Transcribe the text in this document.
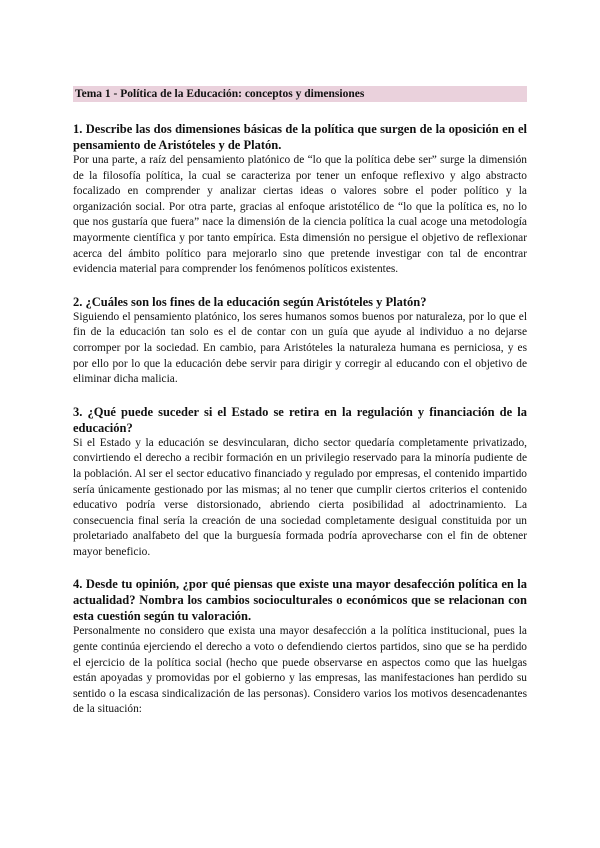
Tema 1 - Política de la Educación: conceptos y dimensiones

1. Describe las dos dimensiones básicas de la política que surgen de la oposición en el pensamiento de Aristóteles y de Platón.

Por una parte, a raíz del pensamiento platónico de “lo que la política debe ser” surge la dimensión de la filosofía política, la cual se caracteriza por tener un enfoque reflexivo y algo abstracto focalizado en comprender y analizar ciertas ideas o valores sobre el poder político y la organización social. Por otra parte, gracias al enfoque aristotélico de “lo que la política es, no lo que nos gustaría que fuera” nace la dimensión de la ciencia política la cual acoge una metodología mayormente científica y por tanto empírica. Esta dimensión no persigue el objetivo de reflexionar acerca del ámbito político para mejorarlo sino que pretende investigar con tal de encontrar evidencia material para comprender los fenómenos políticos existentes.

2. ¿Cuáles son los fines de la educación según Aristóteles y Platón?

Siguiendo el pensamiento platónico, los seres humanos somos buenos por naturaleza, por lo que el fin de la educación tan solo es el de contar con un guía que ayude al individuo a no dejarse corromper por la sociedad. En cambio, para Aristóteles la naturaleza humana es perniciosa, y es por ello por lo que la educación debe servir para dirigir y corregir al educando con el objetivo de eliminar dicha malicia.

3. ¿Qué puede suceder si el Estado se retira en la regulación y financiación de la educación?

Si el Estado y la educación se desvincularan, dicho sector quedaría completamente privatizado, convirtiendo el derecho a recibir formación en un privilegio reservado para la minoría pudiente de la población. Al ser el sector educativo financiado y regulado por empresas, el contenido impartido sería únicamente gestionado por las mismas; al no tener que cumplir ciertos criterios el contenido educativo podría verse distorsionado, abriendo cierta posibilidad al adoctrinamiento. La consecuencia final sería la creación de una sociedad completamente desigual constituida por un proletariado analfabeto del que la burguesía formada podría aprovecharse con el fin de obtener mayor beneficio.

4. Desde tu opinión, ¿por qué piensas que existe una mayor desafección política en la actualidad? Nombra los cambios socioculturales o económicos que se relacionan con esta cuestión según tu valoración.

Personalmente no considero que exista una mayor desafección a la política institucional, pues la gente continúa ejerciendo el derecho a voto o defendiendo ciertos partidos, sino que se ha perdido el ejercicio de la política social (hecho que puede observarse en aspectos como que las huelgas están apoyadas y promovidas por el gobierno y las empresas, las manifestaciones han perdido su sentido o la escasa sindicalización de las personas). Considero varios los motivos desencadenantes de la situación:
